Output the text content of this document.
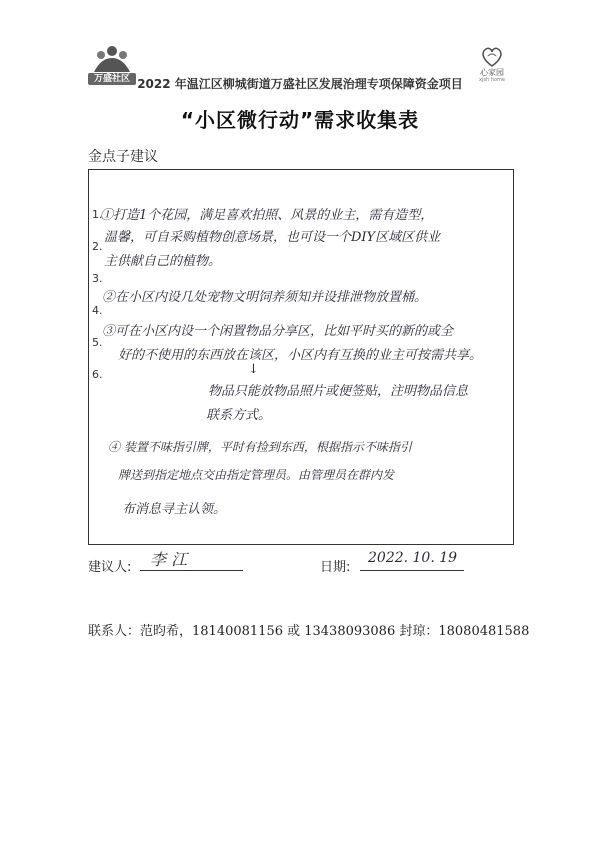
万盛社区
心家园
xjsh home
2022 年温江区柳城街道万盛社区发展治理专项保障资金项目
“小区微行动”需求收集表
金点子建议
1.
2.
3.
4.
5.
6.
①打造1个花园，满足喜欢拍照、风景的业主，需有造型，
温馨，可自采购植物创意场景，也可设一个DIY区域区供业
主供献自己的植物。
②在小区内设几处宠物文明饲养须知并设排泄物放置桶。
③可在小区内设一个闲置物品分享区，比如平时买的新的或全
好的不使用的东西放在该区，小区内有互换的业主可按需共享。
↓
物品只能放物品照片或便签贴，注明物品信息
联系方式。
④ 装置不味指引牌，平时有捡到东西，根据指示不味指引
牌送到指定地点交由指定管理员。由管理员在群内发
布消息寻主认领。
建议人: 李 江	日期:
2022. 10. 19
联系人：范昀希，18140081156 或 13438093086 封琼：18080481588
